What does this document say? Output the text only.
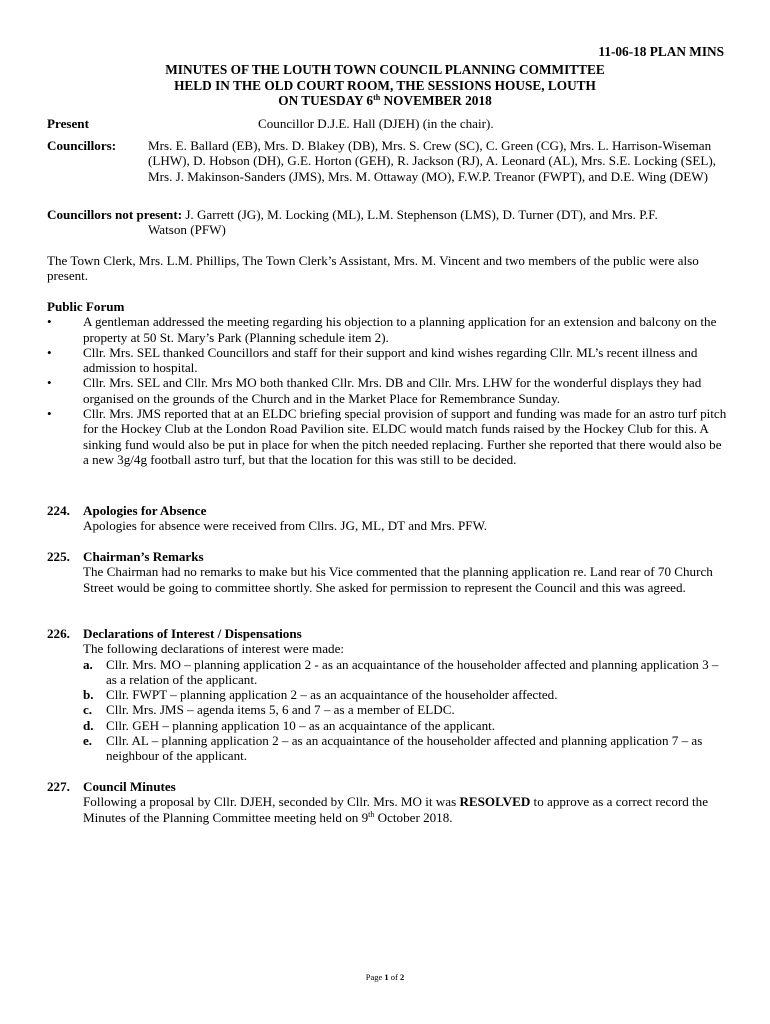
11-06-18 PLAN MINS
MINUTES OF THE LOUTH TOWN COUNCIL PLANNING COMMITTEE
HELD IN THE OLD COURT ROOM, THE SESSIONS HOUSE, LOUTH
ON TUESDAY 6th NOVEMBER 2018
Present	Councillor D.J.E. Hall (DJEH) (in the chair).
Councillors: Mrs. E. Ballard (EB), Mrs. D. Blakey (DB), Mrs. S. Crew (SC), C. Green (CG), Mrs. L. Harrison-Wiseman (LHW), D. Hobson (DH), G.E. Horton (GEH), R. Jackson (RJ), A. Leonard (AL), Mrs. S.E. Locking (SEL), Mrs. J. Makinson-Sanders (JMS), Mrs. M. Ottaway (MO), F.W.P. Treanor (FWPT), and D.E. Wing (DEW)
Councillors not present: J. Garrett (JG), M. Locking (ML), L.M. Stephenson (LMS), D. Turner (DT), and Mrs. P.F.
Watson (PFW)
The Town Clerk, Mrs. L.M. Phillips, The Town Clerk’s Assistant, Mrs. M. Vincent and two members of the public were also present.
Public Forum
• A gentleman addressed the meeting regarding his objection to a planning application for an extension and balcony on the property at 50 St. Mary’s Park (Planning schedule item 2).
• Cllr. Mrs. SEL thanked Councillors and staff for their support and kind wishes regarding Cllr. ML’s recent illness and admission to hospital.
• Cllr. Mrs. SEL and Cllr. Mrs MO both thanked Cllr. Mrs. DB and Cllr. Mrs. LHW for the wonderful displays they had organised on the grounds of the Church and in the Market Place for Remembrance Sunday.
• Cllr. Mrs. JMS reported that at an ELDC briefing special provision of support and funding was made for an astro turf pitch for the Hockey Club at the London Road Pavilion site. ELDC would match funds raised by the Hockey Club for this. A sinking fund would also be put in place for when the pitch needed replacing. Further she reported that there would also be a new 3g/4g football astro turf, but that the location for this was still to be decided.
224. Apologies for Absence
Apologies for absence were received from Cllrs. JG, ML, DT and Mrs. PFW.
225. Chairman’s Remarks
The Chairman had no remarks to make but his Vice commented that the planning application re. Land rear of 70 Church Street would be going to committee shortly. She asked for permission to represent the Council and this was agreed.
226. Declarations of Interest / Dispensations
The following declarations of interest were made:
a. Cllr. Mrs. MO – planning application 2 - as an acquaintance of the householder affected and planning application 3 – as a relation of the applicant.
b. Cllr. FWPT – planning application 2 – as an acquaintance of the householder affected.
c. Cllr. Mrs. JMS – agenda items 5, 6 and 7 – as a member of ELDC.
d. Cllr. GEH – planning application 10 – as an acquaintance of the applicant.
e. Cllr. AL – planning application 2 – as an acquaintance of the householder affected and planning application 7 – as neighbour of the applicant.
227. Council Minutes
Following a proposal by Cllr. DJEH, seconded by Cllr. Mrs. MO it was RESOLVED to approve as a correct record the Minutes of the Planning Committee meeting held on 9th October 2018.
Page 1 of 2
